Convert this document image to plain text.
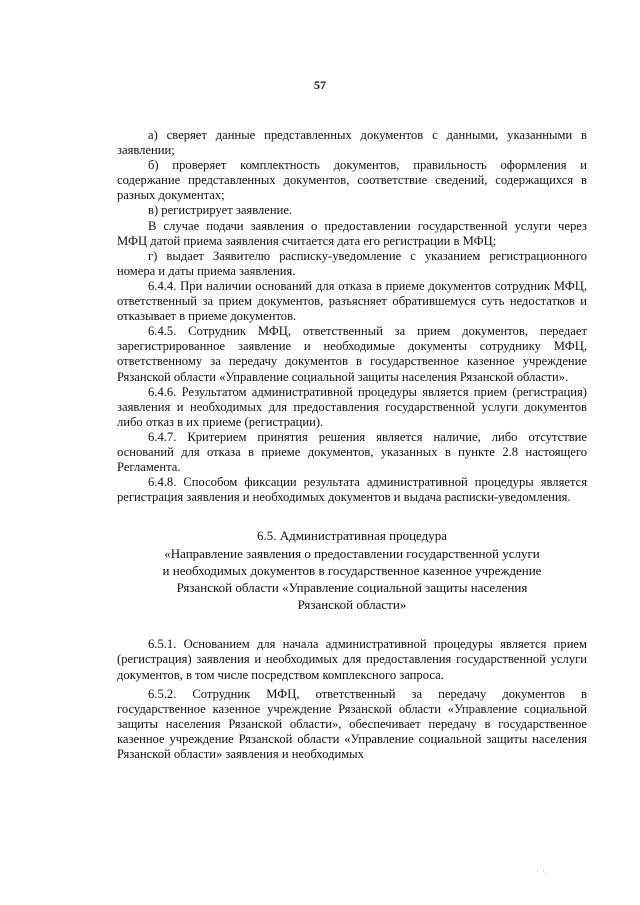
57

а) сверяет данные представленных документов с данными, указанными в заявлении;

б) проверяет комплектность документов, правильность оформления и содержание представленных документов, соответствие сведений, содержащихся в разных документах;

в) регистрирует заявление.

В случае подачи заявления о предоставлении государственной услуги через МФЦ датой приема заявления считается дата его регистрации в МФЦ;

г) выдает Заявителю расписку-уведомление с указанием регистрационного номера и даты приема заявления.

6.4.4. При наличии оснований для отказа в приеме документов сотрудник МФЦ, ответственный за прием документов, разъясняет обратившемуся суть недостатков и отказывает в приеме документов.

6.4.5. Сотрудник МФЦ, ответственный за прием документов, передает зарегистрированное заявление и необходимые документы сотруднику МФЦ, ответственному за передачу документов в государственное казенное учреждение Рязанской области «Управление социальной защиты населения Рязанской области».

6.4.6. Результатом административной процедуры является прием (регистрация) заявления и необходимых для предоставления государственной услуги документов либо отказ в их приеме (регистрации).

6.4.7. Критерием принятия решения является наличие, либо отсутствие оснований для отказа в приеме документов, указанных в пункте 2.8 настоящего Регламента.

6.4.8. Способом фиксации результата административной процедуры является регистрация заявления и необходимых документов и выдача расписки-уведомления.

6.5. Административная процедура
«Направление заявления о предоставлении государственной услуги
и необходимых документов в государственное казенное учреждение
Рязанской области «Управление социальной защиты населения
Рязанской области»

6.5.1. Основанием для начала административной процедуры является прием (регистрация) заявления и необходимых для предоставления государственной услуги документов, в том числе посредством комплексного запроса.

6.5.2. Сотрудник МФЦ, ответственный за передачу документов в государственное казенное учреждение Рязанской области «Управление социальной защиты населения Рязанской области», обеспечивает передачу в государственное казенное учреждение Рязанской области «Управление социальной защиты населения Рязанской области» заявления и необходимых

·˙·.
